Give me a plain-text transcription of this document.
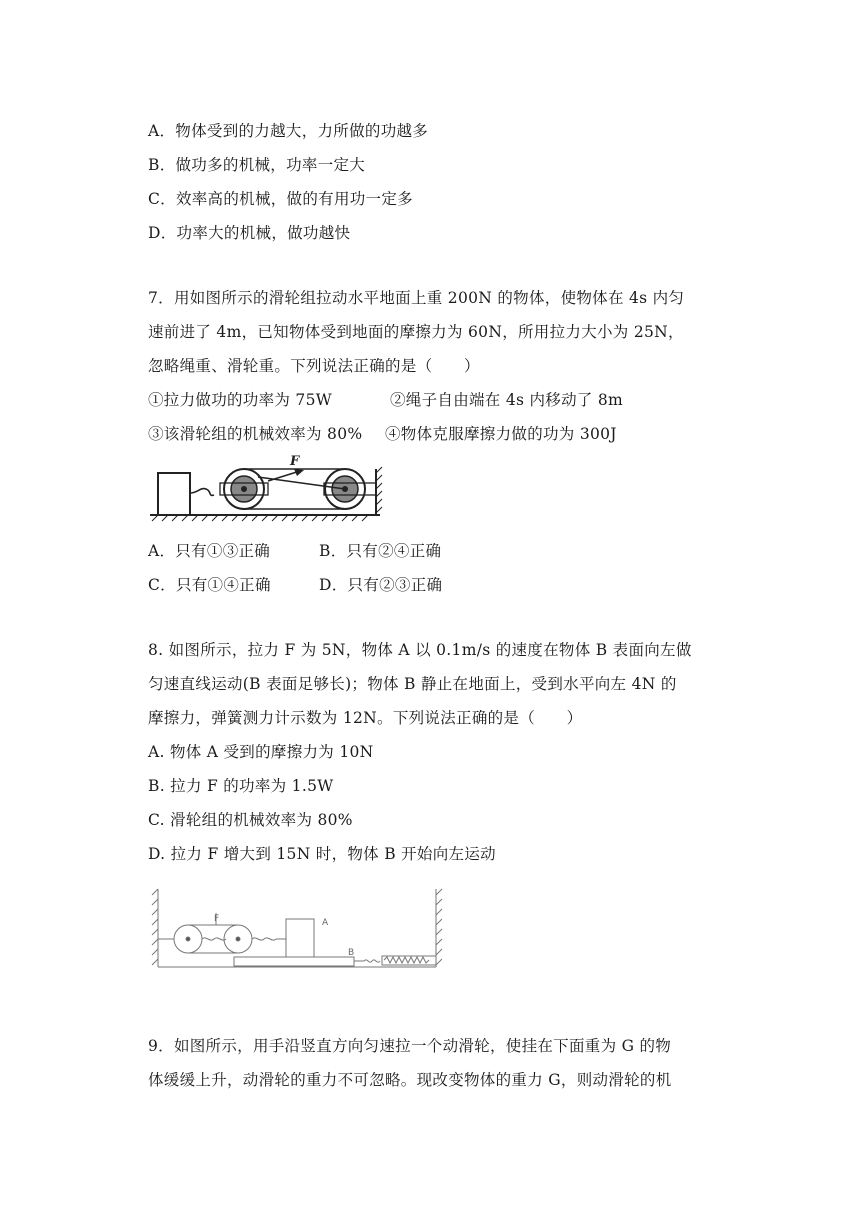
A．物体受到的力越大，力所做的功越多
B．做功多的机械，功率一定大
C．效率高的机械，做的有用功一定多
D．功率大的机械，做功越快
7．用如图所示的滑轮组拉动水平地面上重 200N 的物体，使物体在 4s 内匀
速前进了 4m，已知物体受到地面的摩擦力为 60N，所用拉力大小为 25N，
忽略绳重、滑轮重。下列说法正确的是（　　）
①拉力做功的功率为 75W	②绳子自由端在 4s 内移动了 8m
③该滑轮组的机械效率为 80% ④物体克服摩擦力做的功为 300J
F
A．只有①③正确	B．只有②④正确
C．只有①④正确	D．只有②③正确
8. 如图所示，拉力 F 为 5N，物体 A 以 0.1m/s 的速度在物体 B 表面向左做
匀速直线运动(B 表面足够长)；物体 B 静止在地面上，受到水平向左 4N 的
摩擦力，弹簧测力计示数为 12N。下列说法正确的是（　　）
A. 物体 A 受到的摩擦力为 10N
B. 拉力 F 的功率为 1.5W
C. 滑轮组的机械效率为 80%
D. 拉力 F 增大到 15N 时，物体 B 开始向左运动
F	A
B
9．如图所示，用手沿竖直方向匀速拉一个动滑轮，使挂在下面重为 G 的物
体缓缓上升，动滑轮的重力不可忽略。现改变物体的重力 G，则动滑轮的机
